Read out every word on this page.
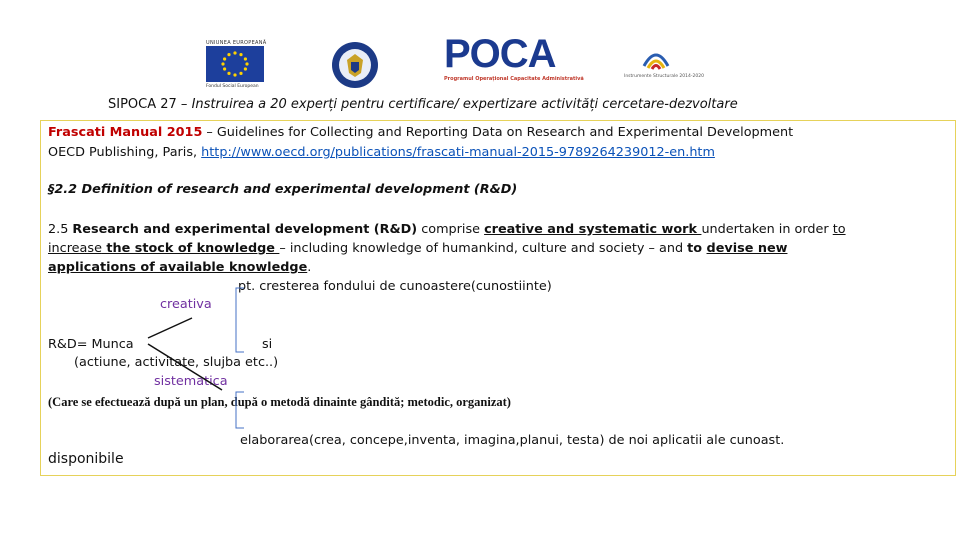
UNIUNEA EUROPEANĂ
Fondul Social European
POCA
Programul Operațional Capacitate Administrativă	Instrumente Structurale 2014-2020
SIPOCA 27 – Instruirea a 20 experți pentru certificare/ expertizare activități cercetare-dezvoltare
Frascati Manual 2015 – Guidelines for Collecting and Reporting Data on Research and Experimental Development
OECD Publishing, Paris, http://www.oecd.org/publications/frascati-manual-2015-9789264239012-en.htm
§2.2 Definition of research and experimental development (R&D)
2.5 Research and experimental development (R&D) comprise creative and systematic work undertaken in order to
increase the stock of knowledge – including knowledge of humankind, culture and society – and to devise new
applications of available knowledge.
pt. cresterea fondului de cunoastere(cunostiinte)
creativa
R&D= Munca	si
(actiune, activitate, slujba etc..)
sistematica
(Care se efectuează după un plan, după o metodă dinainte gândită; metodic, organizat)
elaborarea(crea, concepe,inventa, imagina,planui, testa) de noi aplicatii ale cunoast.
disponibile
